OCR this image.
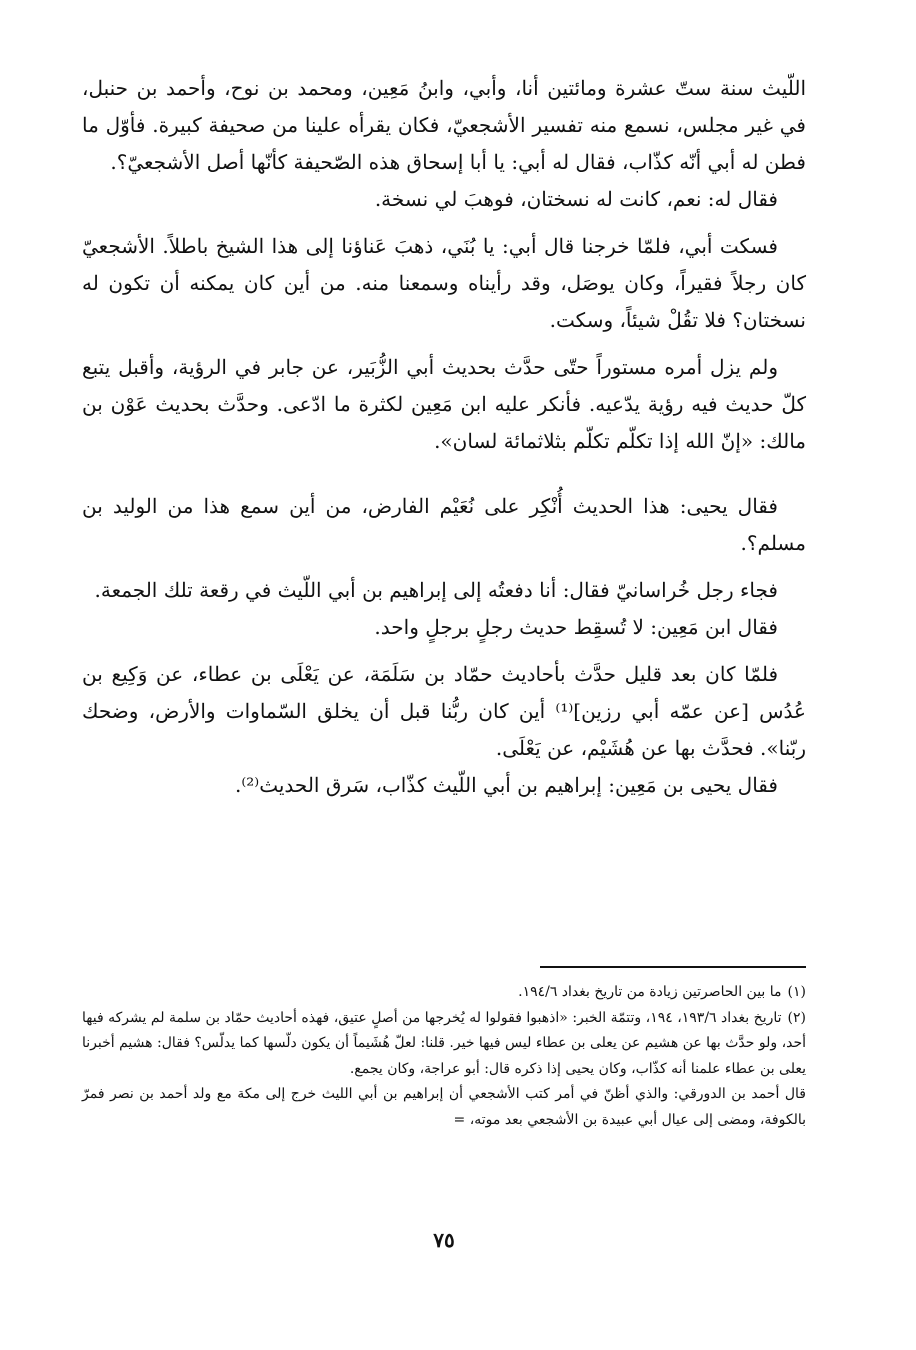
اللّيث سنة ستّ عشرة ومائتين أنا، وأبي، وابنُ مَعِين، ومحمد بن نوح، وأحمد بن حنبل، في غير مجلس، نسمع منه تفسير الأشجعيّ، فكان يقرأه علينا من صحيفة كبيرة. فأوّل ما فطن له أبي أنّه كذّاب، فقال له أبي: يا أبا إسحاق هذه الصّحيفة كأنّها أصل الأشجعيّ؟.

فقال له: نعم، كانت له نسختان، فوهبَ لي نسخة.

فسكت أبي، فلمّا خرجنا قال أبي: يا بُنَي، ذهبَ عَناؤنا إلى هذا الشيخ باطلاً. الأشجعيّ كان رجلاً فقيراً، وكان يوصَل، وقد رأيناه وسمعنا منه. من أين كان يمكنه أن تكون له نسختان؟ فلا تقُلْ شيئاً، وسكت.

ولم يزل أمره مستوراً حتّى حدَّث بحديث أبي الزُّبَير، عن جابر في الرؤية، وأقبل يتبع كلّ حديث فيه رؤية يدّعيه. فأنكر عليه ابن مَعِين لكثرة ما ادّعى. وحدَّث بحديث عَوْن بن مالك: «إنّ الله إذا تكلّم تكلّم بثلاثمائة لسان».

فقال يحيى: هذا الحديث أُنْكِر على نُعَيْم الفارض، من أين سمع هذا من الوليد بن مسلم؟.

فجاء رجل خُراسانيّ فقال: أنا دفعتُه إلى إبراهيم بن أبي اللّيث في رقعة تلك الجمعة.

فقال ابن مَعِين: لا تُسقِط حديث رجلٍ برجلٍ واحد.

فلمّا كان بعد قليل حدَّث بأحاديث حمّاد بن سَلَمَة، عن يَعْلَى بن عطاء، عن وَكِيع بن عُدُس [عن عمّه أبي رزين]⁽¹⁾ أين كان ربُّنا قبل أن يخلق السّماوات والأرض، وضحك ربّنا». فحدَّث بها عن هُشَيْم، عن يَعْلَى.

فقال يحيى بن مَعِين: إبراهيم بن أبي اللّيث كذّاب، سَرق الحديث⁽²⁾.

(١)ما بين الحاصرتين زيادة من تاريخ بغداد ١٩٤/٦.

(٢)تاريخ بغداد ١٩٣/٦، ١٩٤، وتتمّة الخبر: «اذهبوا فقولوا له يُخرجها من أصلٍ عتيق، فهذه أحاديث حمّاد بن سلمة لم يشركه فيها أحد، ولو حدَّث بها عن هشيم عن يعلى بن عطاء ليس فيها خير. قلنا: لعلّ هُشَيماً أن يكون دلّسها كما يدلّس؟ فقال: هشيم أخبرنا يعلى بن عطاء علمنا أنه كذّاب، وكان يحيى إذا ذكره قال: أبو عراجة، وكان يجمع.

قال أحمد بن الدورقي: والذي أظنّ في أمر كتب الأشجعي أن إبراهيم بن أبي الليث خرج إلى مكة مع ولد أحمد بن نصر فمرّ بالكوفة، ومضى إلى عيال أبي عبيدة بن الأشجعي بعد موته، =

٧٥
